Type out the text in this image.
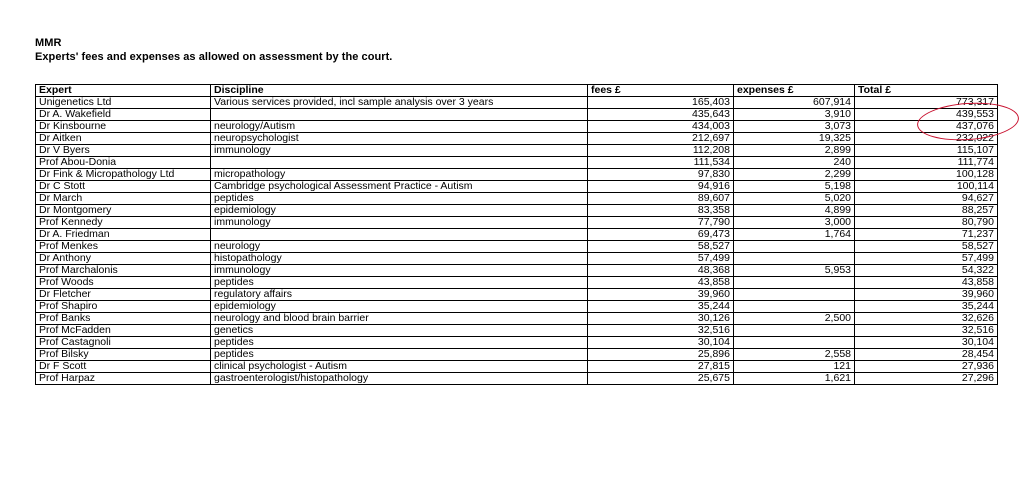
MMR
Experts' fees and expenses as allowed on assessment by the court.
Expert	Discipline	fees £	expenses £	Total £
Unigenetics Ltd	Various services provided, incl sample analysis over 3 years	165,403	607,914	773,317
Dr A. Wakefield		435,643	3,910	439,553
Dr Kinsbourne	neurology/Autism	434,003	3,073	437,076
Dr Aitken	neuropsychologist	212,697	19,325	232,022
Dr V Byers	immunology	112,208	2,899	115,107
Prof Abou-Donia		111,534	240	111,774
Dr Fink & Micropathology Ltd	micropathology	97,830	2,299	100,128
Dr C Stott	Cambridge psychological Assessment Practice - Autism	94,916	5,198	100,114
Dr March	peptides	89,607	5,020	94,627
Dr Montgomery	epidemiology	83,358	4,899	88,257
Prof Kennedy	immunology	77,790	3,000	80,790
Dr A. Friedman		69,473	1,764	71,237
Prof Menkes	neurology	58,527		58,527
Dr Anthony	histopathology	57,499		57,499
Prof Marchalonis	immunology	48,368	5,953	54,322
Prof Woods	peptides	43,858		43,858
Dr Fletcher	regulatory affairs	39,960		39,960
Prof Shapiro	epidemiology	35,244		35,244
Prof Banks	neurology and blood brain barrier	30,126	2,500	32,626
Prof McFadden	genetics	32,516		32,516
Prof Castagnoli	peptides	30,104		30,104
Prof Bilsky	peptides	25,896	2,558	28,454
Dr F Scott	clinical psychologist - Autism	27,815	121	27,936
Prof Harpaz	gastroenterologist/histopathology	25,675	1,621	27,296
